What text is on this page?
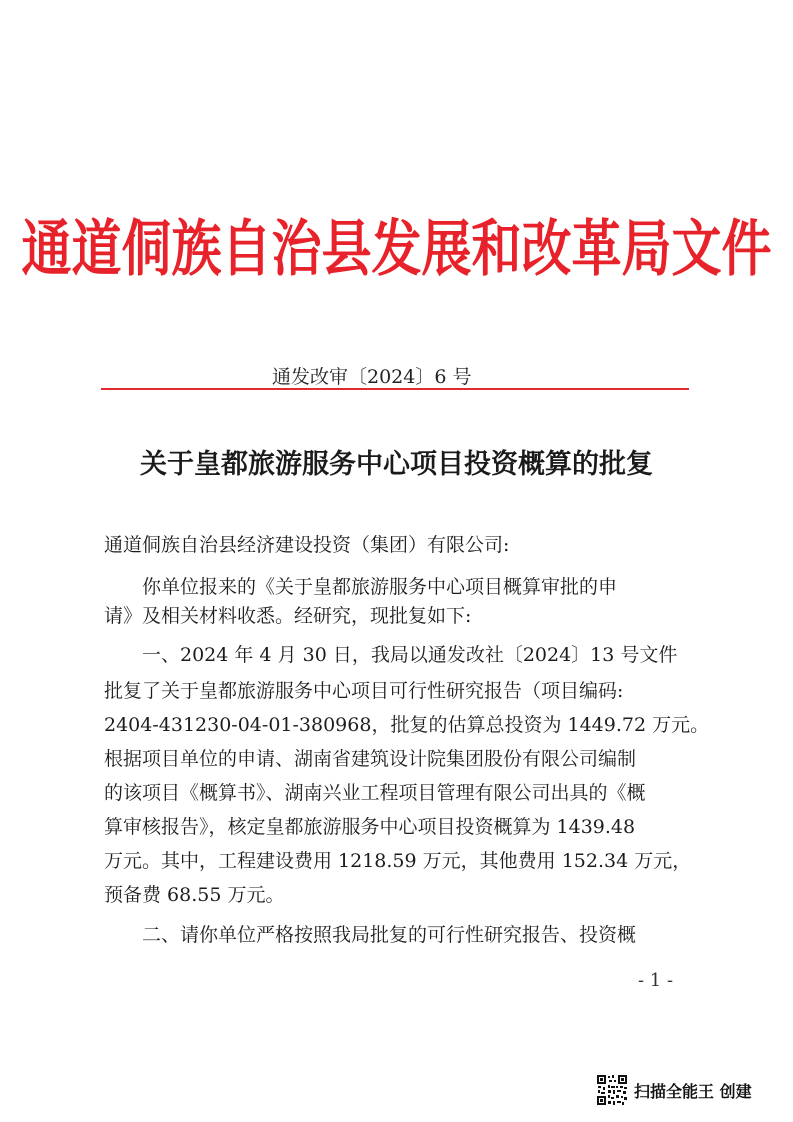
通道侗族自治县发展和改革局文件
通发改审〔2024〕6 号
关于皇都旅游服务中心项目投资概算的批复
通道侗族自治县经济建设投资（集团）有限公司:
你单位报来的《关于皇都旅游服务中心项目概算审批的申
请》及相关材料收悉。经研究，现批复如下:
一、2024 年 4 月 30 日，我局以通发改社〔2024〕13 号文件
批复了关于皇都旅游服务中心项目可行性研究报告（项目编码:
2404-431230-04-01-380968，批复的估算总投资为 1449.72 万元。
根据项目单位的申请、湖南省建筑设计院集团股份有限公司编制
的该项目《概算书》、湖南兴业工程项目管理有限公司出具的《概
算审核报告》，核定皇都旅游服务中心项目投资概算为 1439.48
万元。其中，工程建设费用 1218.59 万元，其他费用 152.34 万元，
预备费 68.55 万元。
二、请你单位严格按照我局批复的可行性研究报告、投资概
- 1 -
扫描全能王 创建
